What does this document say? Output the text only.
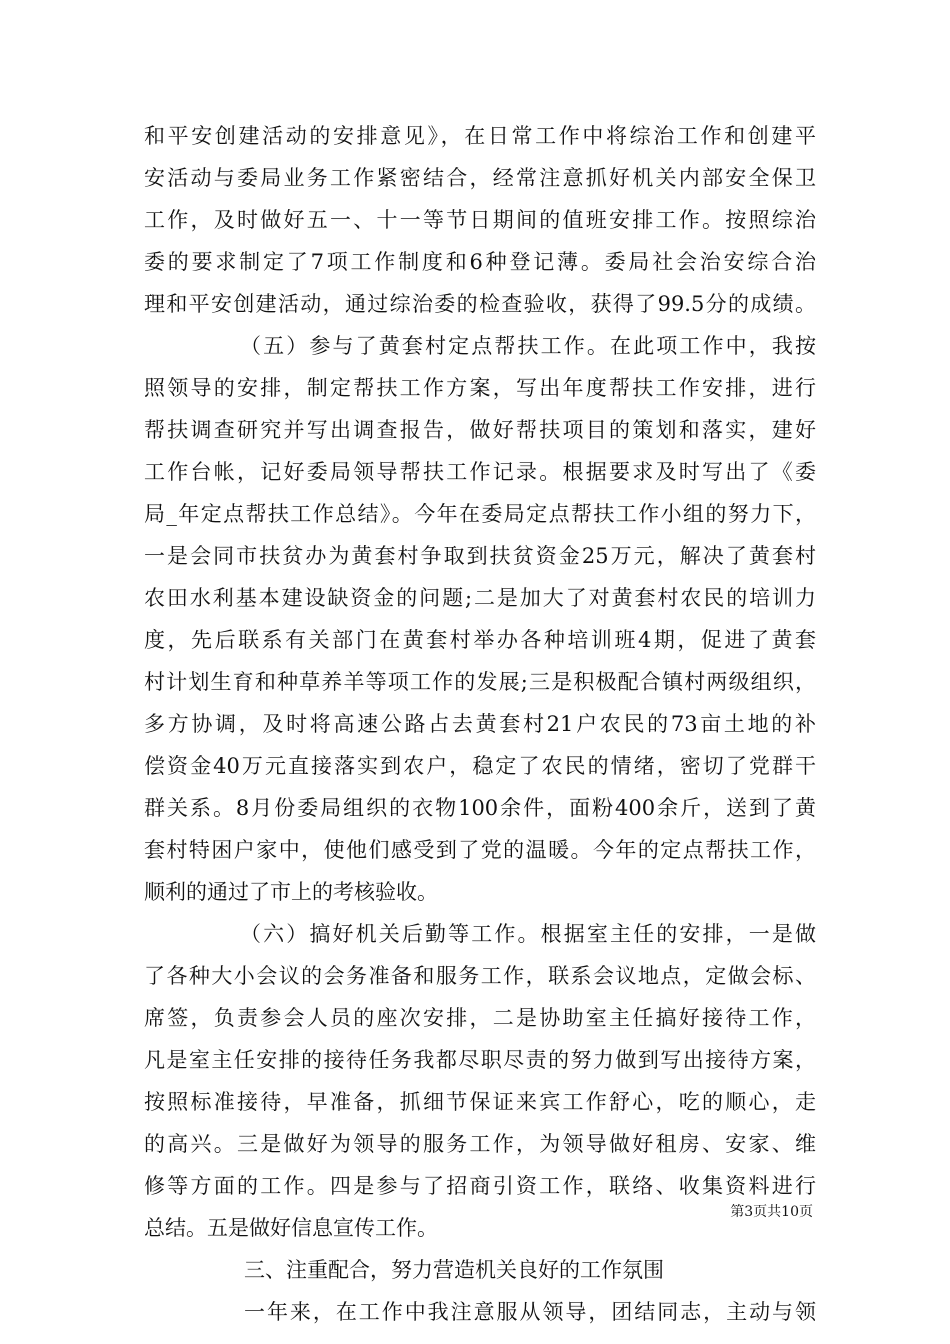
和平安创建活动的安排意见》，在日常工作中将综治工作和创建平
安活动与委局业务工作紧密结合，经常注意抓好机关内部安全保卫
工作，及时做好五一、十一等节日期间的值班安排工作。按照综治
委的要求制定了7项工作制度和6种登记薄。委局社会治安综合治
理和平安创建活动，通过综治委的检查验收，获得了99.5分的成绩。
（五）参与了黄套村定点帮扶工作。在此项工作中，我按
照领导的安排，制定帮扶工作方案，写出年度帮扶工作安排，进行
帮扶调查研究并写出调查报告，做好帮扶项目的策划和落实，建好
工作台帐，记好委局领导帮扶工作记录。根据要求及时写出了《委
局_年定点帮扶工作总结》。今年在委局定点帮扶工作小组的努力下，
一是会同市扶贫办为黄套村争取到扶贫资金25万元，解决了黄套村
农田水利基本建设缺资金的问题;二是加大了对黄套村农民的培训力
度，先后联系有关部门在黄套村举办各种培训班4期，促进了黄套
村计划生育和种草养羊等项工作的发展;三是积极配合镇村两级组织，
多方协调，及时将高速公路占去黄套村21户农民的73亩土地的补
偿资金40万元直接落实到农户，稳定了农民的情绪，密切了党群干
群关系。8月份委局组织的衣物100余件，面粉400余斤，送到了黄
套村特困户家中，使他们感受到了党的温暖。今年的定点帮扶工作，
顺利的通过了市上的考核验收。
（六）搞好机关后勤等工作。根据室主任的安排，一是做
了各种大小会议的会务准备和服务工作，联系会议地点，定做会标、
席签，负责参会人员的座次安排，二是协助室主任搞好接待工作，
凡是室主任安排的接待任务我都尽职尽责的努力做到写出接待方案，
按照标准接待，早准备，抓细节保证来宾工作舒心，吃的顺心，走
的高兴。三是做好为领导的服务工作，为领导做好租房、安家、维
修等方面的工作。四是参与了招商引资工作，联络、收集资料进行
总结。五是做好信息宣传工作。
三、注重配合，努力营造机关良好的工作氛围
一年来，在工作中我注意服从领导，团结同志，主动与领
第3页共10页
